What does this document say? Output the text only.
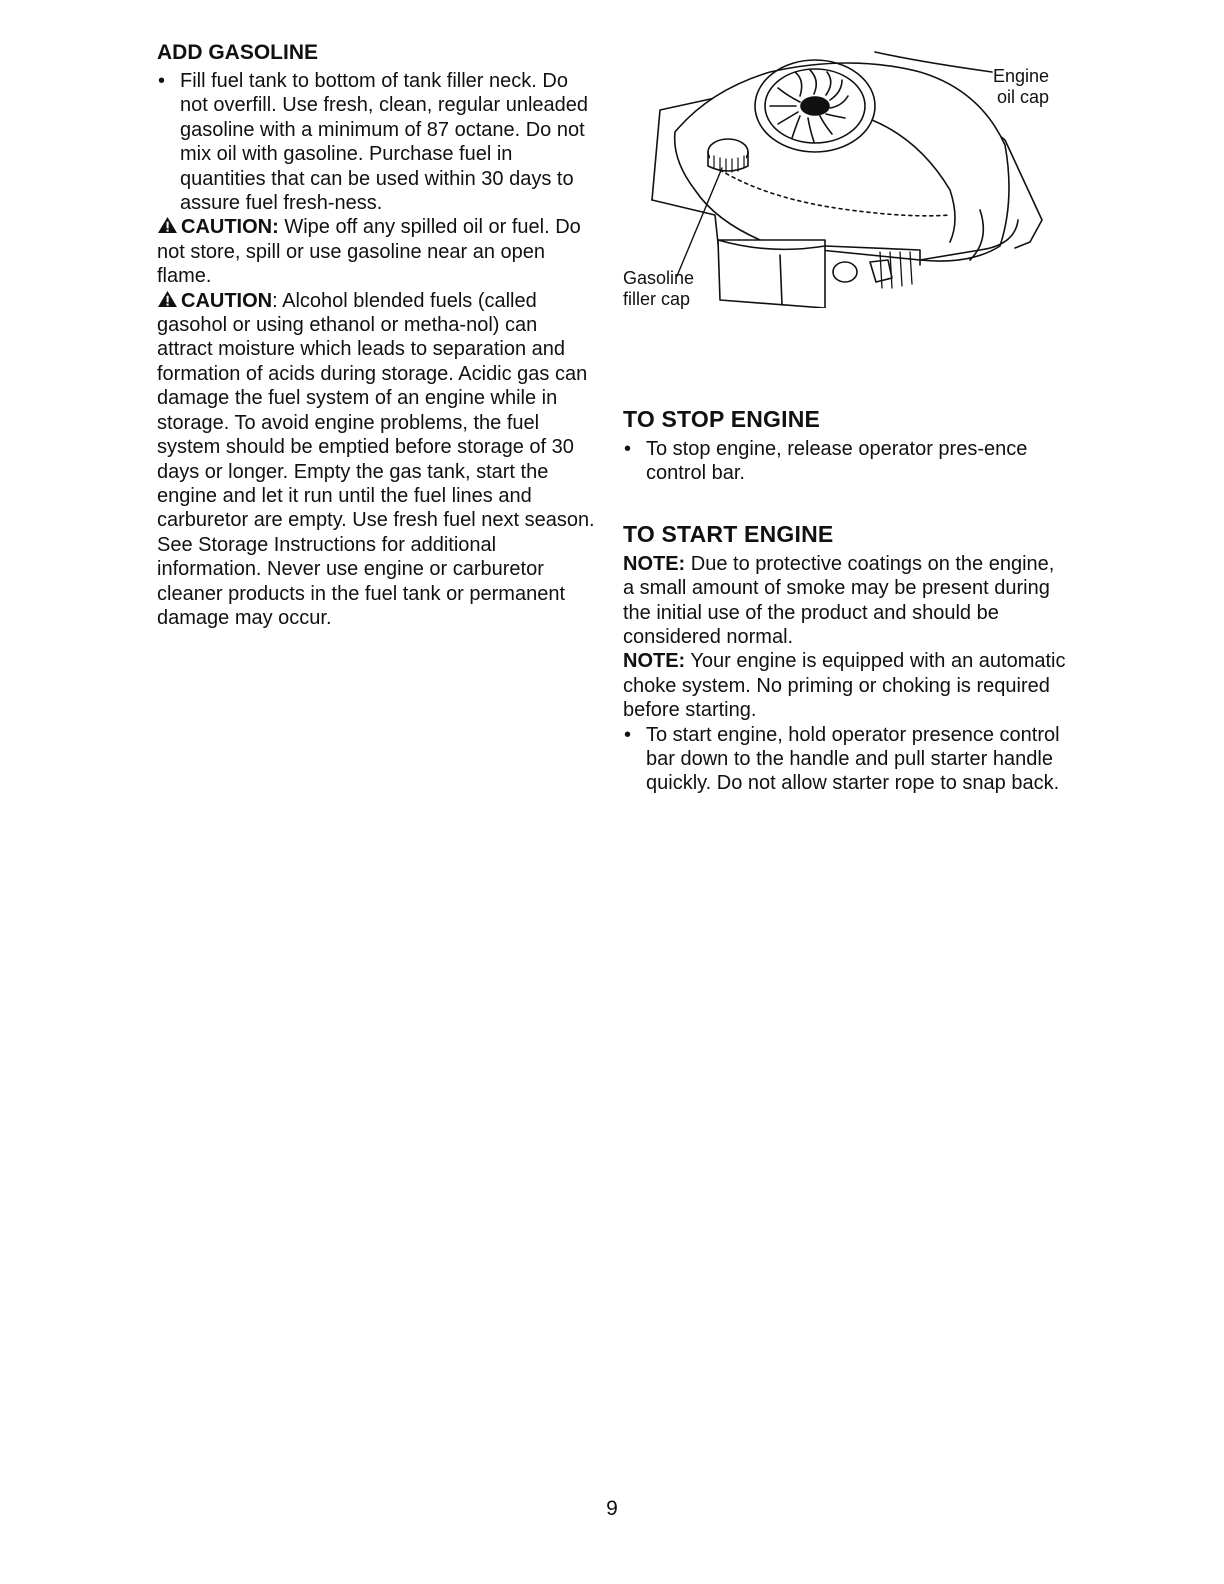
ADD GASOLINE
• Fill fuel tank to bottom of tank filler neck. Do not overfill. Use fresh, clean, regular unleaded gasoline with a minimum of 87 octane. Do not mix oil with gasoline. Purchase fuel in quantities that can be used within 30 days to assure fuel fresh-ness.

CAUTION: Wipe off any spilled oil or fuel. Do not store, spill or use gasoline near an open flame.

CAUTION: Alcohol blended fuels (called gasohol or using ethanol or metha-nol) can attract moisture which leads to separation and formation of acids during storage. Acidic gas can damage the fuel system of an engine while in storage. To avoid engine problems, the fuel system should be emptied before storage of 30 days or longer. Empty the gas tank, start the engine and let it run until the fuel lines and carburetor are empty. Use fresh fuel next season. See Storage Instructions for additional information. Never use engine or carburetor cleaner products in the fuel tank or permanent damage may occur.

Engine
oil cap

Gasoline
filler cap

TO STOP ENGINE
• To stop engine, release operator pres-ence control bar.
TO START ENGINE

NOTE: Due to protective coatings on the engine, a small amount of smoke may be present during the initial use of the product and should be considered normal.

NOTE: Your engine is equipped with an automatic choke system. No priming or choking is required before starting.

• To start engine, hold operator presence control bar down to the handle and pull starter handle quickly. Do not allow starter rope to snap back.
9
